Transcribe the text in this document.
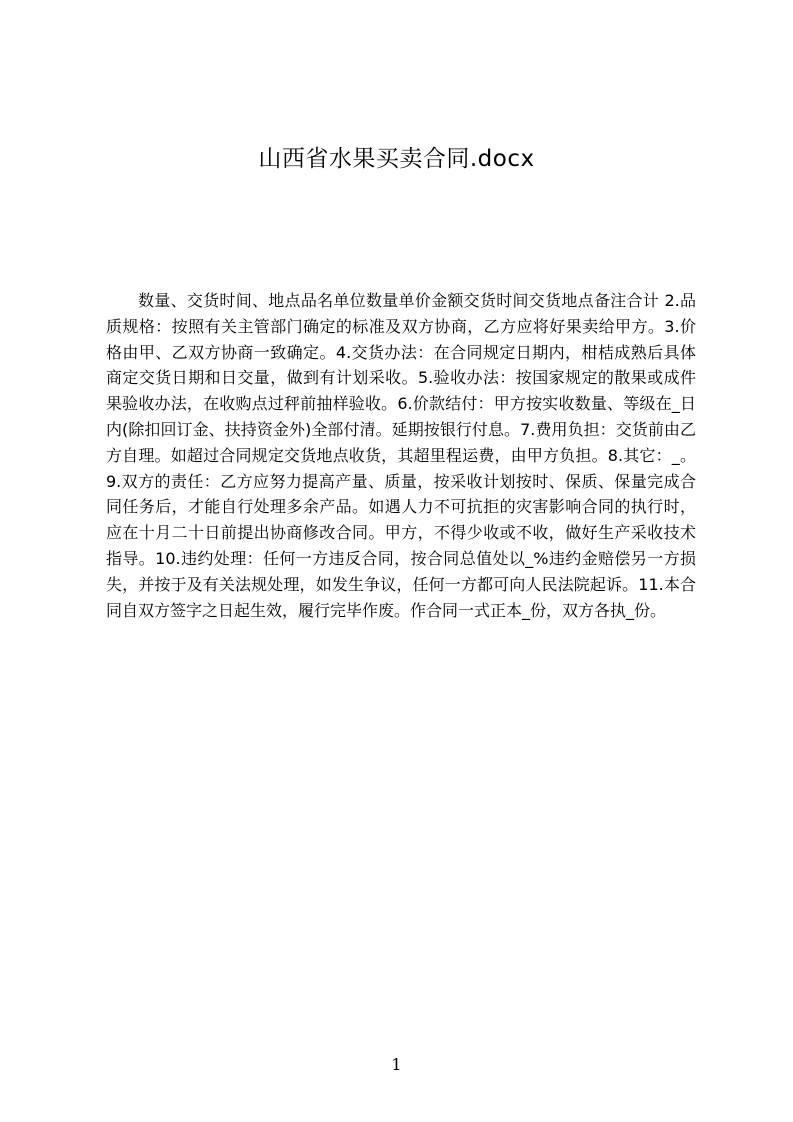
山西省水果买卖合同.docx

数量、交货时间、地点品名单位数量单价金额交货时间交货地点备注合计 2.品质规格：按照有关主管部门确定的标准及双方协商，乙方应将好果卖给甲方。3.价格由甲、乙双方协商一致确定。4.交货办法：在合同规定日期内，柑桔成熟后具体商定交货日期和日交量，做到有计划采收。5.验收办法：按国家规定的散果或成件果验收办法，在收购点过秤前抽样验收。6.价款结付：甲方按实收数量、等级在_日内(除扣回订金、扶持资金外)全部付清。延期按银行付息。7.费用负担：交货前由乙方自理。如超过合同规定交货地点收货，其超里程运费，由甲方负担。8.其它：_。9.双方的责任：乙方应努力提高产量、质量，按采收计划按时、保质、保量完成合同任务后，才能自行处理多余产品。如遇人力不可抗拒的灾害影响合同的执行时，应在十月二十日前提出协商修改合同。甲方，不得少收或不收，做好生产采收技术指导。10.违约处理：任何一方违反合同，按合同总值处以_%违约金赔偿另一方损失，并按于及有关法规处理，如发生争议，任何一方都可向人民法院起诉。11.本合同自双方签字之日起生效，履行完毕作废。作合同一式正本_份，双方各执_份。

1
